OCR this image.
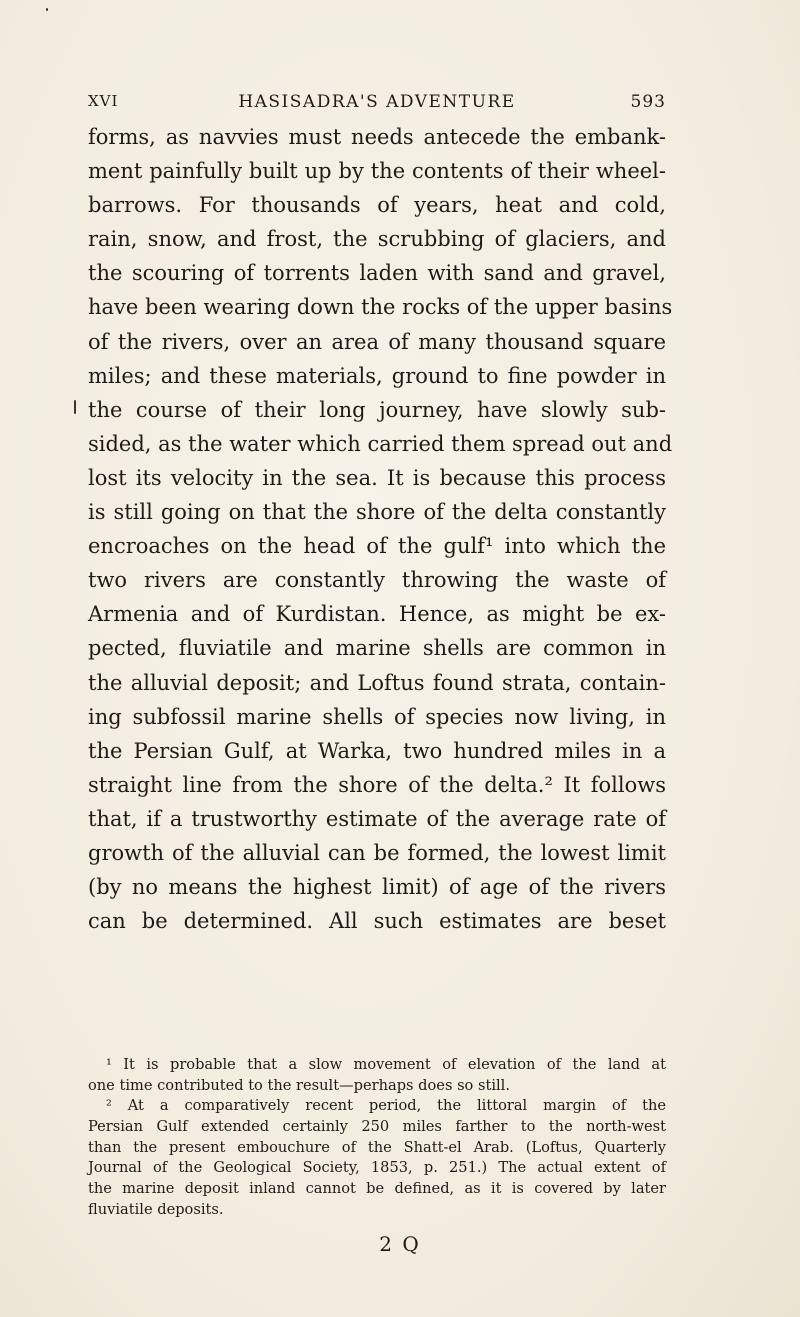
XVI	HASISADRA'S ADVENTURE	593
forms, as navvies must needs antecede the embank-
ment painfully built up by the contents of their wheel-
barrows. For thousands of years, heat and cold,
rain, snow, and frost, the scrubbing of glaciers, and
the scouring of torrents laden with sand and gravel,
have been wearing down the rocks of the upper basins
of the rivers, over an area of many thousand square
miles; and these materials, ground to fine powder in
the course of their long journey, have slowly sub-
sided, as the water which carried them spread out and
lost its velocity in the sea. It is because this process
is still going on that the shore of the delta constantly
encroaches on the head of the gulf¹ into which the
two rivers are constantly throwing the waste of
Armenia and of Kurdistan. Hence, as might be ex-
pected, fluviatile and marine shells are common in
the alluvial deposit; and Loftus found strata, contain-
ing subfossil marine shells of species now living, in
the Persian Gulf, at Warka, two hundred miles in a
straight line from the shore of the delta.² It follows
that, if a trustworthy estimate of the average rate of
growth of the alluvial can be formed, the lowest limit
(by no means the highest limit) of age of the rivers
can be determined. All such estimates are beset
¹ It is probable that a slow movement of elevation of the land at
one time contributed to the result—perhaps does so still.
² At a comparatively recent period, the littoral margin of the
Persian Gulf extended certainly 250 miles farther to the north-west
than the present embouchure of the Shatt-el Arab. (Loftus, Quarterly
Journal of the Geological Society, 1853, p. 251.) The actual extent of
the marine deposit inland cannot be defined, as it is covered by later
fluviatile deposits.
2 Q
